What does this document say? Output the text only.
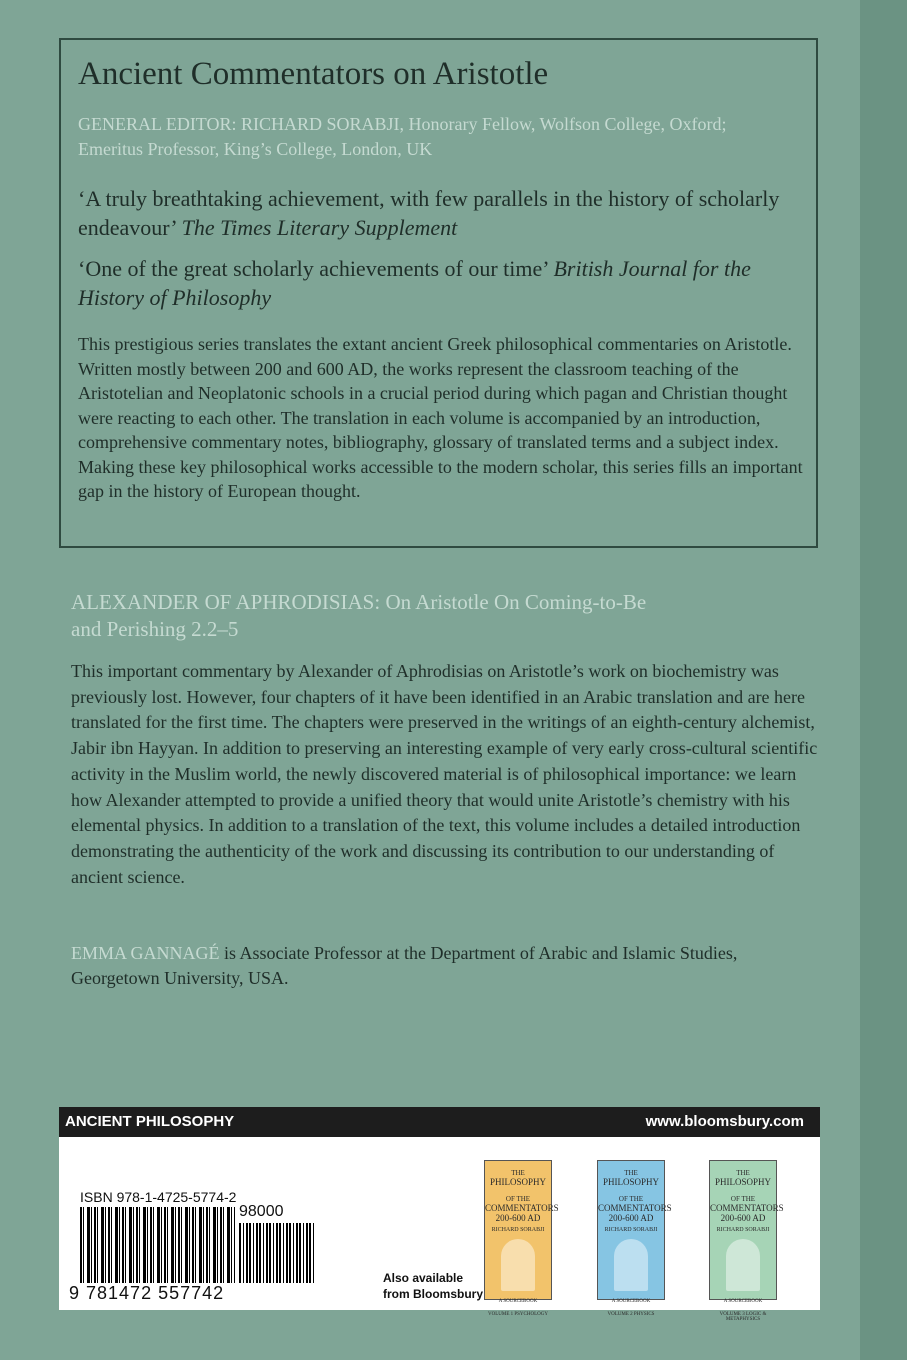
Ancient Commentators on Aristotle
GENERAL EDITOR: RICHARD SORABJI, Honorary Fellow, Wolfson College, Oxford; Emeritus Professor, King’s College, London, UK
‘A truly breathtaking achievement, with few parallels in the history of scholarly endeavour’ The Times Literary Supplement
‘One of the great scholarly achievements of our time’ British Journal for the History of Philosophy
This prestigious series translates the extant ancient Greek philosophical commentaries on Aristotle. Written mostly between 200 and 600 AD, the works represent the classroom teaching of the Aristotelian and Neoplatonic schools in a crucial period during which pagan and Christian thought were reacting to each other. The translation in each volume is accompanied by an introduction, comprehensive commentary notes, bibliography, glossary of translated terms and a subject index. Making these key philosophical works accessible to the modern scholar, this series fills an important gap in the history of European thought.
ALEXANDER OF APHRODISIAS: On Aristotle On Coming-to-Be and Perishing 2.2–5
This important commentary by Alexander of Aphrodisias on Aristotle’s work on biochemistry was previously lost. However, four chapters of it have been identified in an Arabic translation and are here translated for the first time. The chapters were preserved in the writings of an eighth-century alchemist, Jabir ibn Hayyan. In addition to preserving an interesting example of very early cross-cultural scientific activity in the Muslim world, the newly discovered material is of philosophical importance: we learn how Alexander attempted to provide a unified theory that would unite Aristotle’s chemistry with his elemental physics. In addition to a translation of the text, this volume includes a detailed introduction demonstrating the authenticity of the work and discussing its contribution to our understanding of ancient science.
EMMA GANNAGÉ is Associate Professor at the Department of Arabic and Islamic Studies, Georgetown University, USA.
ANCIENT PHILOSOPHY	www.bloomsbury.com
ISBN 978-1-4725-5774-2
98000
9 781472 557742
Also available from Bloomsbury
THE
PHILOSOPHY
OF THE
COMMENTATORS
200-600 AD
RICHARD SORABJI
A SOURCEBOOK
VOLUME 1 PSYCHOLOGY
THE
PHILOSOPHY
OF THE
COMMENTATORS
200-600 AD
RICHARD SORABJI
A SOURCEBOOK
VOLUME 2 PHYSICS
THE
PHILOSOPHY
OF THE
COMMENTATORS
200-600 AD
RICHARD SORABJI
A SOURCEBOOK
VOLUME 3 LOGIC & METAPHYSICS
